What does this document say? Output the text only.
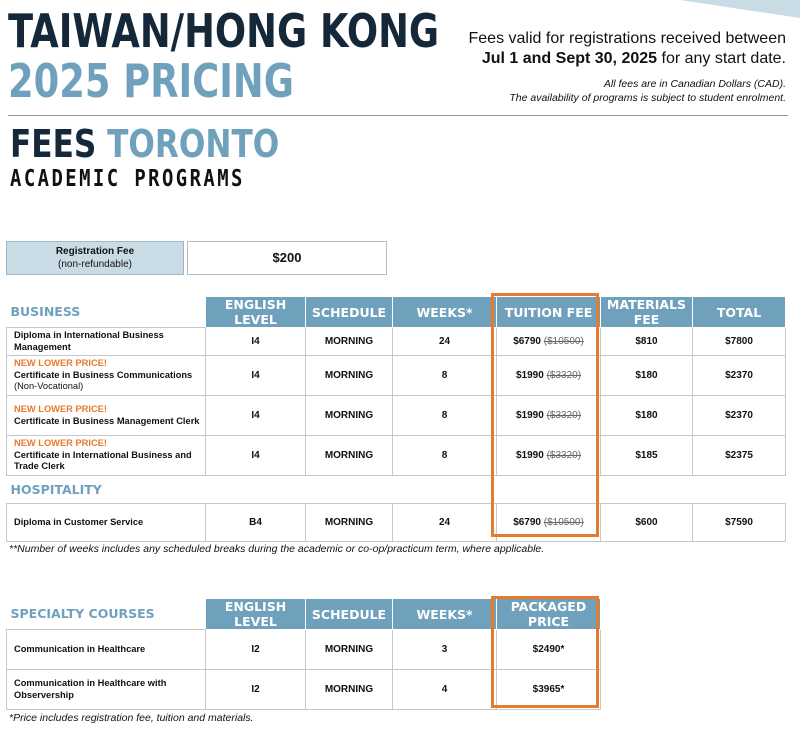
TAIWAN/HONG KONG
2025 PRICING
Fees valid for registrations received between
Jul 1 and Sept 30, 2025 for any start date.
All fees are in Canadian Dollars (CAD).
The availability of programs is subject to student enrolment.
FEES TORONTO
ACADEMIC PROGRAMS
Registration Fee
(non-refundable)	$200
BUSINESS	ENGLISH LEVEL	SCHEDULE	WEEKS*	TUITION FEE	MATERIALS FEE	TOTAL
Diploma in International Business Management	I4	MORNING	24	$6790 ($10500)	$810	$7800

NEW LOWER PRICE!
Certificate in Business Communications
(Non-Vocational)	I4	MORNING	8	$1990 ($3320)	$180	$2370

NEW LOWER PRICE!
Certificate in Business Management Clerk	I4	MORNING	8	$1990 ($3320)	$180	$2370

NEW LOWER PRICE!
Certificate in International Business and Trade Clerk	I4	MORNING	8	$1990 ($3320)	$185	$2375
HOSPITALITY						
Diploma in Customer Service	B4	MORNING	24	$6790 ($10500)	$600	$7590
**Number of weeks includes any scheduled breaks during the academic or co-op/practicum term, where applicable.
SPECIALTY COURSES	ENGLISH LEVEL	SCHEDULE	WEEKS*	PACKAGED PRICE
Communication in Healthcare	I2	MORNING	3	$2490*
Communication in Healthcare with Observership	I2	MORNING	4	$3965*
*Price includes registration fee, tuition and materials.
